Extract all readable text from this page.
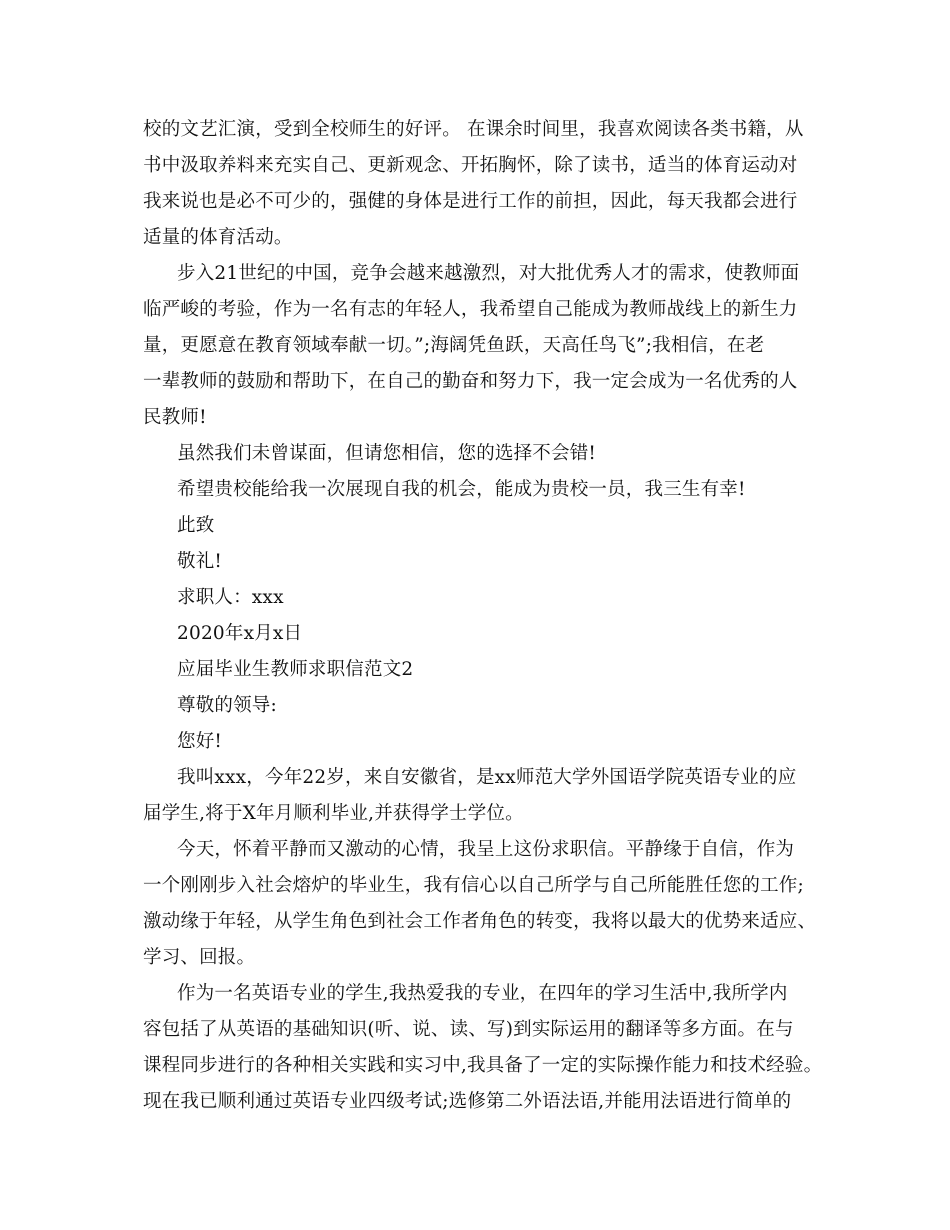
校的文艺汇演，受到全校师生的好评。 在课余时间里，我喜欢阅读各类书籍，从
书中汲取养料来充实自己、更新观念、开拓胸怀，除了读书，适当的体育运动对
我来说也是必不可少的，强健的身体是进行工作的前担，因此，每天我都会进行
适量的体育活动。
步入21世纪的中国，竞争会越来越激烈，对大批优秀人才的需求，使教师面
临严峻的考验，作为一名有志的年轻人，我希望自己能成为教师战线上的新生力
量，更愿意在教育领域奉献一切。”;海阔凭鱼跃，天高任鸟飞”;我相信，在老
一辈教师的鼓励和帮助下，在自己的勤奋和努力下，我一定会成为一名优秀的人
民教师!
虽然我们未曾谋面，但请您相信，您的选择不会错!
希望贵校能给我一次展现自我的机会，能成为贵校一员，我三生有幸!
此致
敬礼!
求职人：xxx
2020年x月x日
应届毕业生教师求职信范文2
尊敬的领导:
您好!
我叫xxx，今年22岁，来自安徽省，是xx师范大学外国语学院英语专业的应
届学生,将于X年月顺利毕业,并获得学士学位。
今天，怀着平静而又激动的心情，我呈上这份求职信。平静缘于自信，作为
一个刚刚步入社会熔炉的毕业生，我有信心以自己所学与自己所能胜任您的工作;
激动缘于年轻，从学生角色到社会工作者角色的转变，我将以最大的优势来适应、
学习、回报。
作为一名英语专业的学生,我热爱我的专业，在四年的学习生活中,我所学内
容包括了从英语的基础知识(听、说、读、写)到实际运用的翻译等多方面。在与
课程同步进行的各种相关实践和实习中,我具备了一定的实际操作能力和技术经验。
现在我已顺利通过英语专业四级考试;选修第二外语法语,并能用法语进行简单的
